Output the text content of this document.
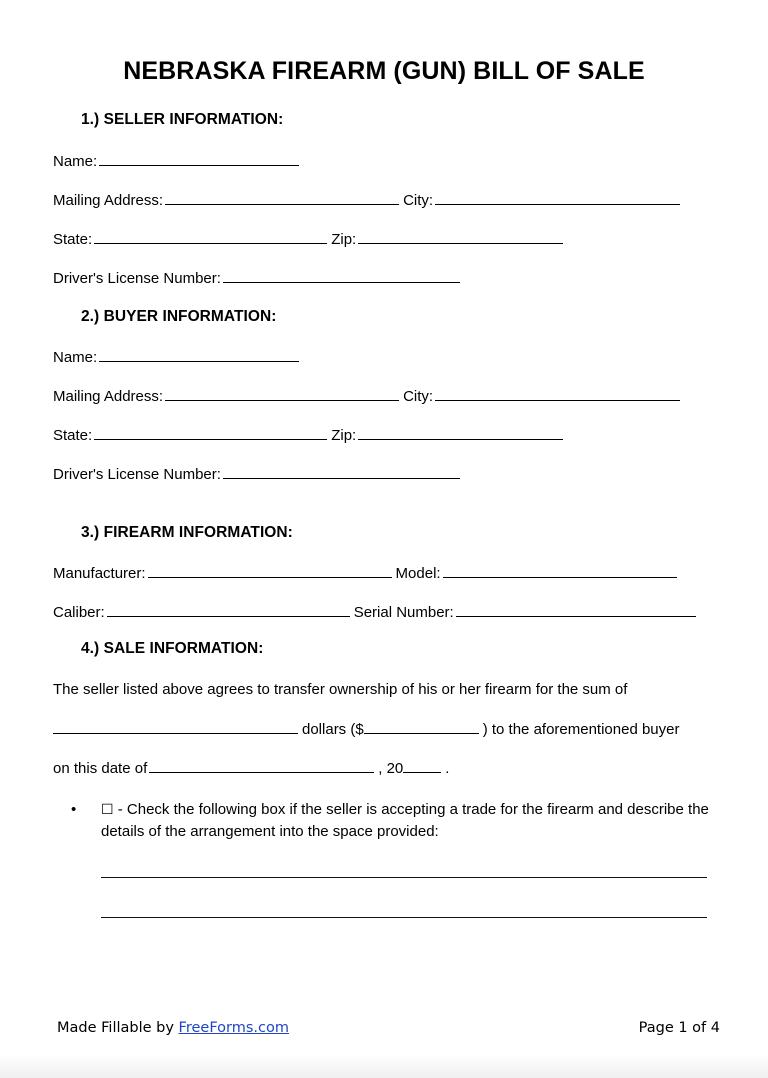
NEBRASKA FIREARM (GUN) BILL OF SALE
1.) SELLER INFORMATION:
Name:
Mailing Address:	City:
State:	Zip:
Driver's License Number:
2.) BUYER INFORMATION:
Name:
Mailing Address:	City:
State:	Zip:
Driver's License Number:
3.) FIREARM INFORMATION:
Manufacturer:	Model:
Caliber:	Serial Number:
4.) SALE INFORMATION:
The seller listed above agrees to transfer ownership of his or her firearm for the sum of
dollars ($	) to the aforementioned buyer
on this date of	, 20	.
• ☐ - Check the following box if the seller is accepting a trade for the firearm and describe the details of the arrangement into the space provided:
Made Fillable by FreeForms.com	Page 1 of 4
